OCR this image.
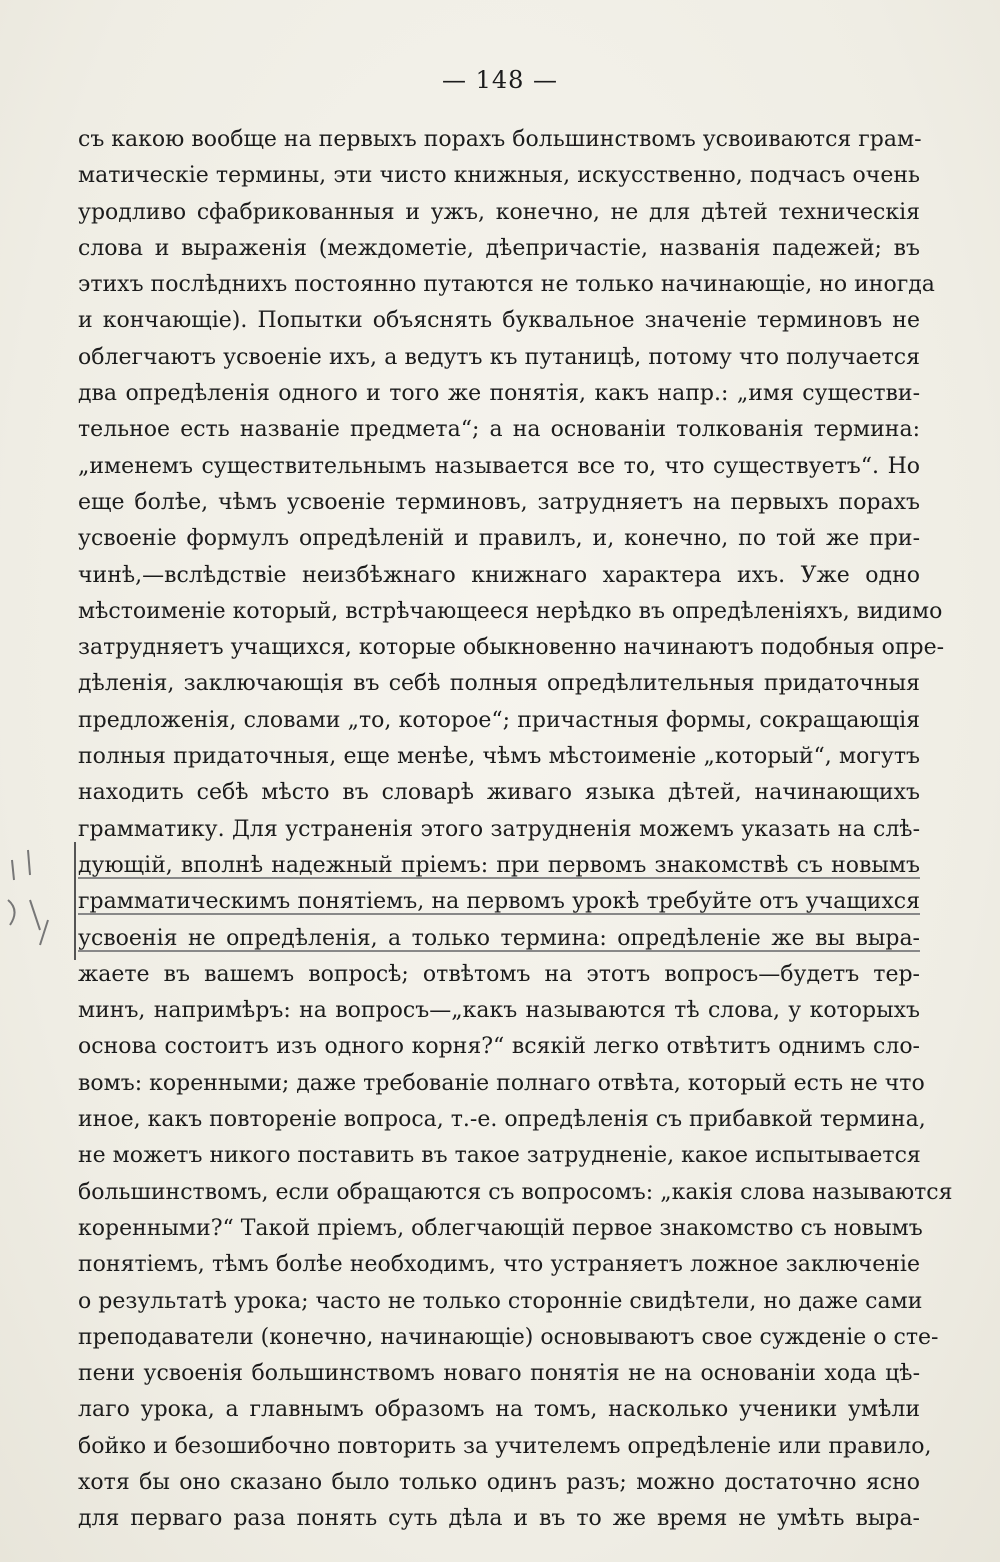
— 148 —
съ какою вообще на первыхъ порахъ большинствомъ усвоиваются грам-
матическіе термины, эти чисто книжныя, искусственно, подчасъ очень
уродливо сфабрикованныя и ужъ, конечно, не для дѣтей техническія
слова и выраженія (междометіе, дѣепричастіе, названія падежей; въ
этихъ послѣднихъ постоянно путаются не только начинающіе, но иногда
и кончающіе). Попытки объяснять буквальное значеніе терминовъ не
облегчаютъ усвоеніе ихъ, а ведутъ къ путаницѣ, потому что получается
два опредѣленія одного и того же понятія, какъ напр.: „имя существи-
тельное есть названіе предмета“; а на основаніи толкованія термина:
„именемъ существительнымъ называется все то, что существуетъ“. Но
еще болѣе, чѣмъ усвоеніе терминовъ, затрудняетъ на первыхъ порахъ
усвоеніе формулъ опредѣленій и правилъ, и, конечно, по той же при-
чинѣ,—вслѣдствіе неизбѣжнаго книжнаго характера ихъ. Уже одно
мѣстоименіе который, встрѣчающееся нерѣдко въ опредѣленіяхъ, видимо
затрудняетъ учащихся, которые обыкновенно начинаютъ подобныя опре-
дѣленія, заключающія въ себѣ полныя опредѣлительныя придаточныя
предложенія, словами „то, которое“; причастныя формы, сокращающія
полныя придаточныя, еще менѣе, чѣмъ мѣстоименіе „который“, могутъ
находить себѣ мѣсто въ словарѣ живаго языка дѣтей, начинающихъ
грамматику. Для устраненія этого затрудненія можемъ указать на слѣ-
дующій, вполнѣ надежный пріемъ: при первомъ знакомствѣ съ новымъ
грамматическимъ понятіемъ, на первомъ урокѣ требуйте отъ учащихся
усвоенія не опредѣленія, а только термина: опредѣленіе же вы выра-
жаете въ вашемъ вопросѣ; отвѣтомъ на этотъ вопросъ—будетъ тер-
минъ, напримѣръ: на вопросъ—„какъ называются тѣ слова, у которыхъ
основа состоитъ изъ одного корня?“ всякій легко отвѣтитъ однимъ сло-
вомъ: коренными; даже требованіе полнаго отвѣта, который есть не что
иное, какъ повтореніе вопроса, т.-е. опредѣленія съ прибавкой термина,
не можетъ никого поставить въ такое затрудненіе, какое испытывается
большинствомъ, если обращаются съ вопросомъ: „какія слова называются
коренными?“ Такой пріемъ, облегчающій первое знакомство съ новымъ
понятіемъ, тѣмъ болѣе необходимъ, что устраняетъ ложное заключеніе
о результатѣ урока; часто не только сторонніе свидѣтели, но даже сами
преподаватели (конечно, начинающіе) основываютъ свое сужденіе о сте-
пени усвоенія большинствомъ новаго понятія не на основаніи хода цѣ-
лаго урока, а главнымъ образомъ на томъ, насколько ученики умѣли
бойко и безошибочно повторить за учителемъ опредѣленіе или правило,
хотя бы оно сказано было только одинъ разъ; можно достаточно ясно
для перваго раза понять суть дѣла и въ то же время не умѣть выра-
